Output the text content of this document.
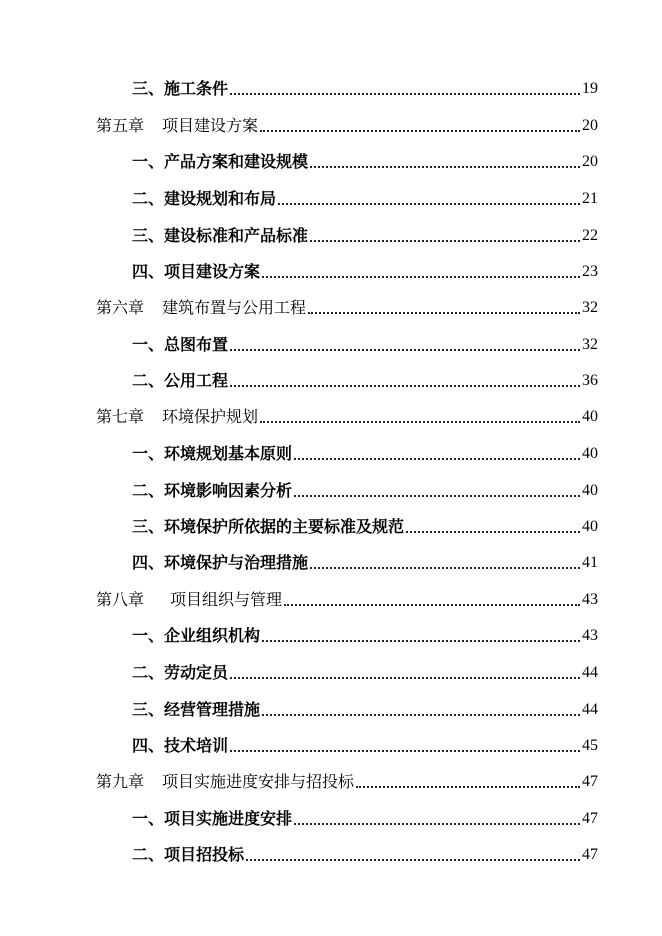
三、施工条件	19
第五章 项目建设方案	20
一、产品方案和建设规模	20
二、建设规划和布局	21
三、建设标准和产品标准	22
四、项目建设方案	23
第六章 建筑布置与公用工程	32
一、总图布置	32
二、公用工程	36
第七章 环境保护规划	40
一、环境规划基本原则	40
二、环境影响因素分析	40
三、环境保护所依据的主要标准及规范	40
四、环境保护与治理措施	41
第八章 项目组织与管理	43
一、企业组织机构	43
二、劳动定员	44
三、经营管理措施	44
四、技术培训	45
第九章 项目实施进度安排与招投标	47
一、项目实施进度安排	47
二、项目招投标	47
